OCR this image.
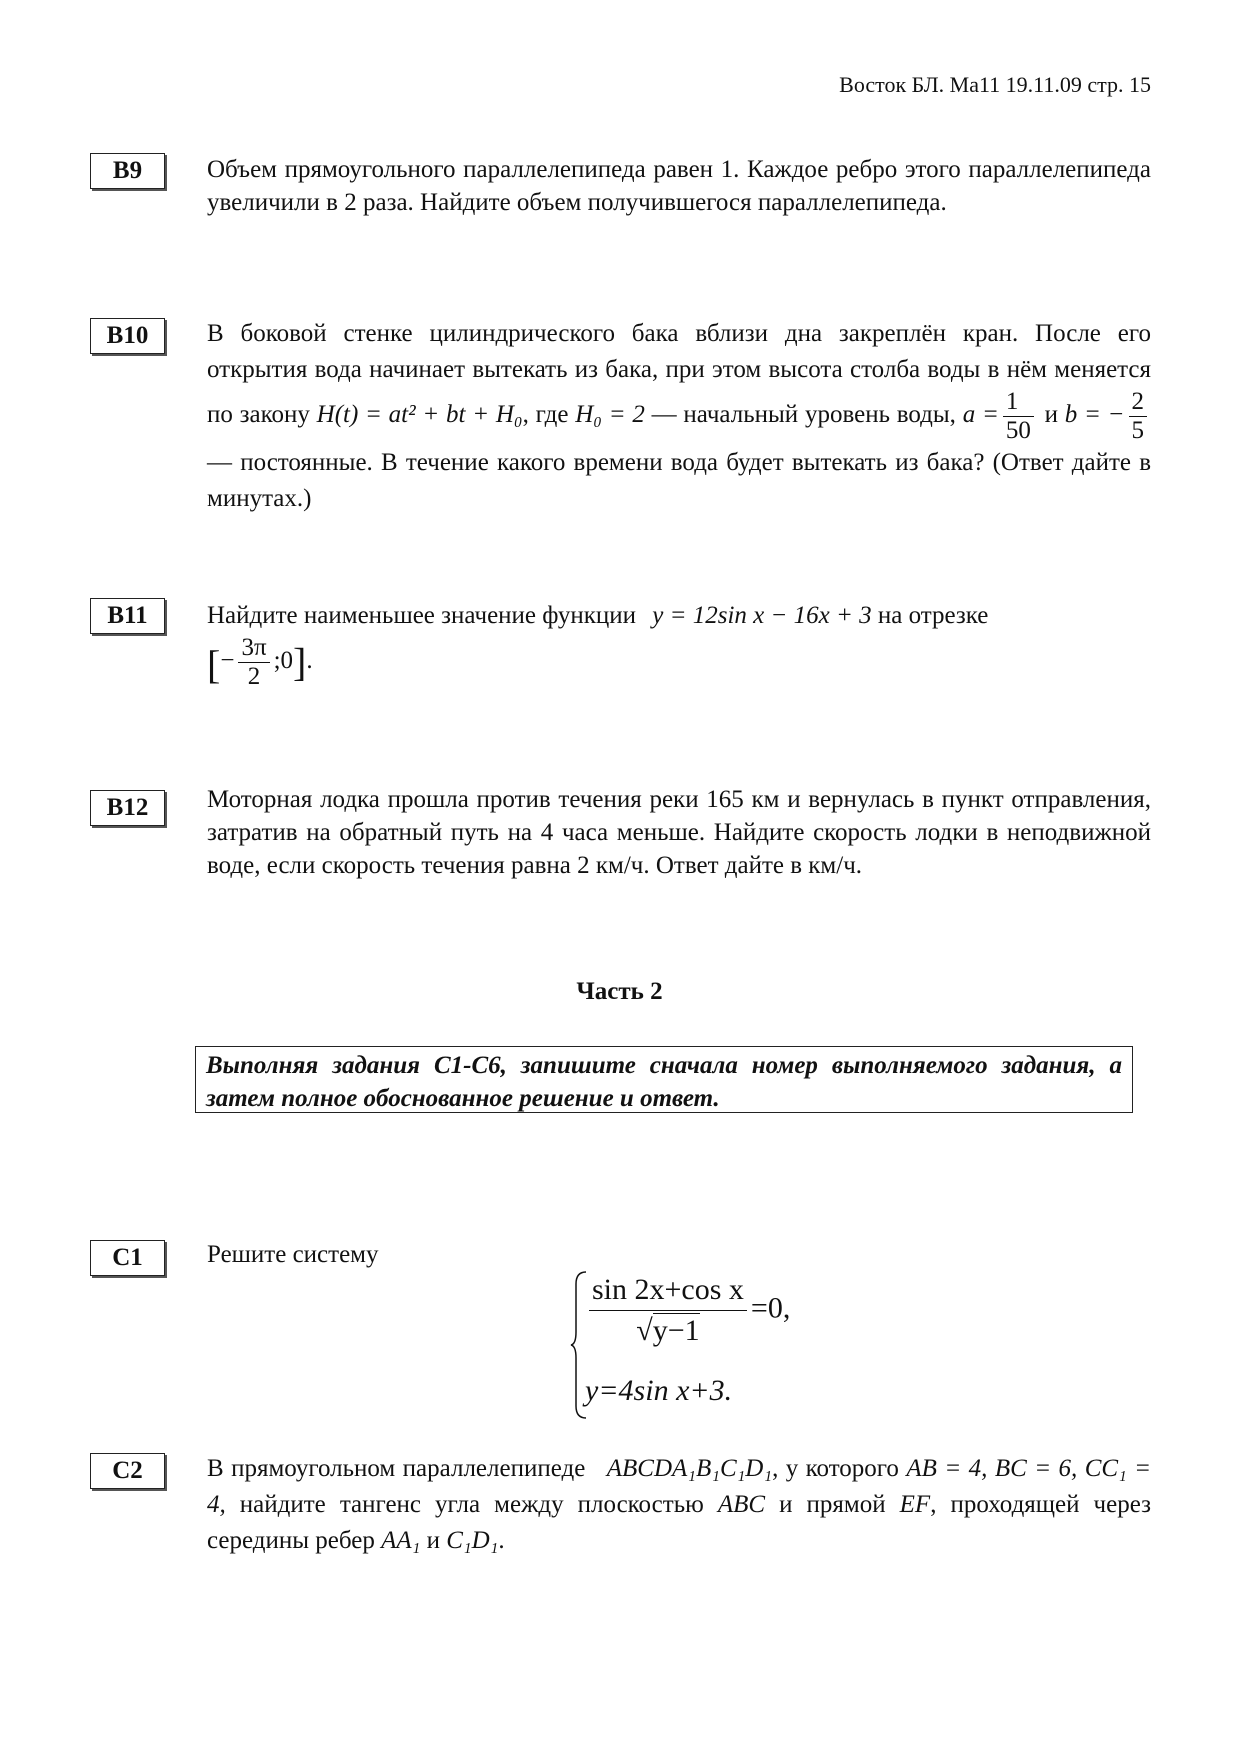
Восток БЛ. Ма11 19.11.09 стр. 15
B9	Объем прямоугольного параллелепипеда равен 1. Каждое ребро этого параллелепипеда увеличили в 2 раза. Найдите объем получившегося параллелепипеда.
B10	В боковой стенке цилиндрического бака вблизи дна закреплён кран. После его открытия вода начинает вытекать из бака, при этом высота столба воды в нём меняется по закону H(t) = at² + bt + H₀, где H₀ = 2 — начальный уровень воды, $a = \frac{1}{50}$ и b = − $\frac{2}{5}$
— постоянные. В течение какого времени вода будет вытекать из бака? (Ответ дайте в минутах.)
B11	Найдите наименьшее значение функции y = 12sin x − 16x + 3 на отрезке
[− $\frac{3\pi}{2}$ ;0].
B12	Моторная лодка прошла против течения реки 165 км и вернулась в пункт отправления, затратив на обратный путь на 4 часа меньше. Найдите скорость лодки в неподвижной воде, если скорость течения равна 2 км/ч. Ответ дайте в км/ч.
Часть 2
Выполняя задания С1-С6, запишите сначала номер выполняемого задания, а затем полное обоснованное решение и ответ.
C1	Решите систему
$\frac{\text{sin 2x+cos x}}{√y-1} =0$,
y=4sin x+3.
C2	В прямоугольном параллелепипеде ABCDA₁B₁C₁D₁, у которого AB = 4, BC = 6, CC₁ = 4, найдите тангенс угла между плоскостью ABC и прямой EF, проходящей через середины ребер AA₁ и C₁D₁.
